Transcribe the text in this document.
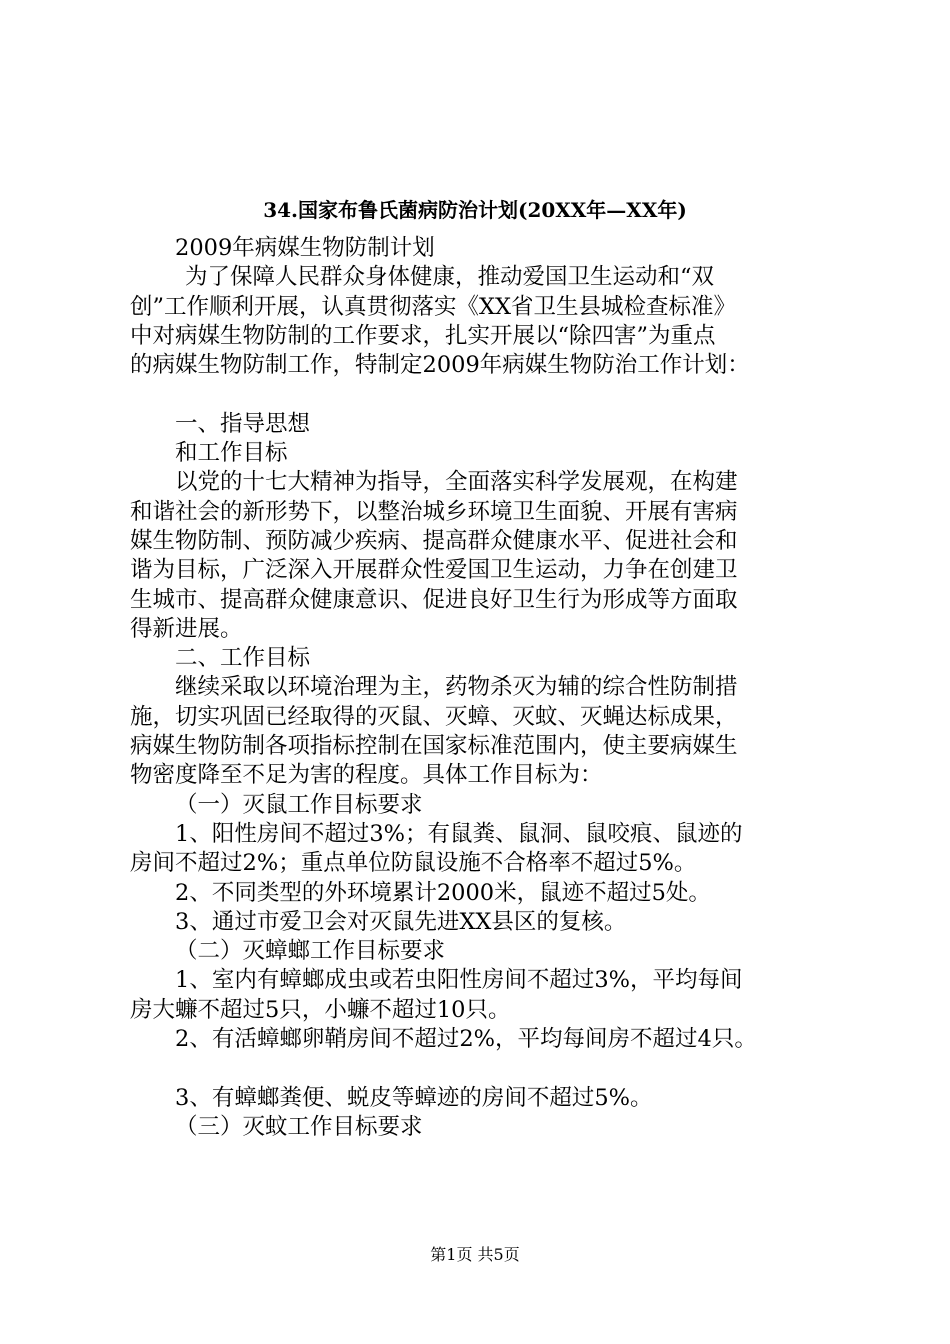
34.国家布鲁氏菌病防治计划(20XX年—XX年)
2009年病媒生物防制计划
为了保障人民群众身体健康，推动爱国卫生运动和“双
创”工作顺利开展，认真贯彻落实《XX省卫生县城检查标准》
中对病媒生物防制的工作要求，扎实开展以“除四害”为重点
的病媒生物防制工作，特制定2009年病媒生物防治工作计划：
一、指导思想
和工作目标
以党的十七大精神为指导，全面落实科学发展观，在构建
和谐社会的新形势下，以整治城乡环境卫生面貌、开展有害病
媒生物防制、预防减少疾病、提高群众健康水平、促进社会和
谐为目标，广泛深入开展群众性爱国卫生运动，力争在创建卫
生城市、提高群众健康意识、促进良好卫生行为形成等方面取
得新进展。
二、工作目标
继续采取以环境治理为主，药物杀灭为辅的综合性防制措
施，切实巩固已经取得的灭鼠、灭蟑、灭蚊、灭蝇达标成果，
病媒生物防制各项指标控制在国家标准范围内，使主要病媒生
物密度降至不足为害的程度。具体工作目标为：
（一）灭鼠工作目标要求
1、阳性房间不超过3%；有鼠粪、鼠洞、鼠咬痕、鼠迹的
房间不超过2%；重点单位防鼠设施不合格率不超过5%。
2、不同类型的外环境累计2000米，鼠迹不超过5处。
3、通过市爱卫会对灭鼠先进XX县区的复核。
（二）灭蟑螂工作目标要求
1、室内有蟑螂成虫或若虫阳性房间不超过3%，平均每间
房大蠊不超过5只，小蠊不超过10只。
2、有活蟑螂卵鞘房间不超过2%，平均每间房不超过4只。
3、有蟑螂粪便、蜕皮等蟑迹的房间不超过5%。
（三）灭蚊工作目标要求
第1页 共5页
